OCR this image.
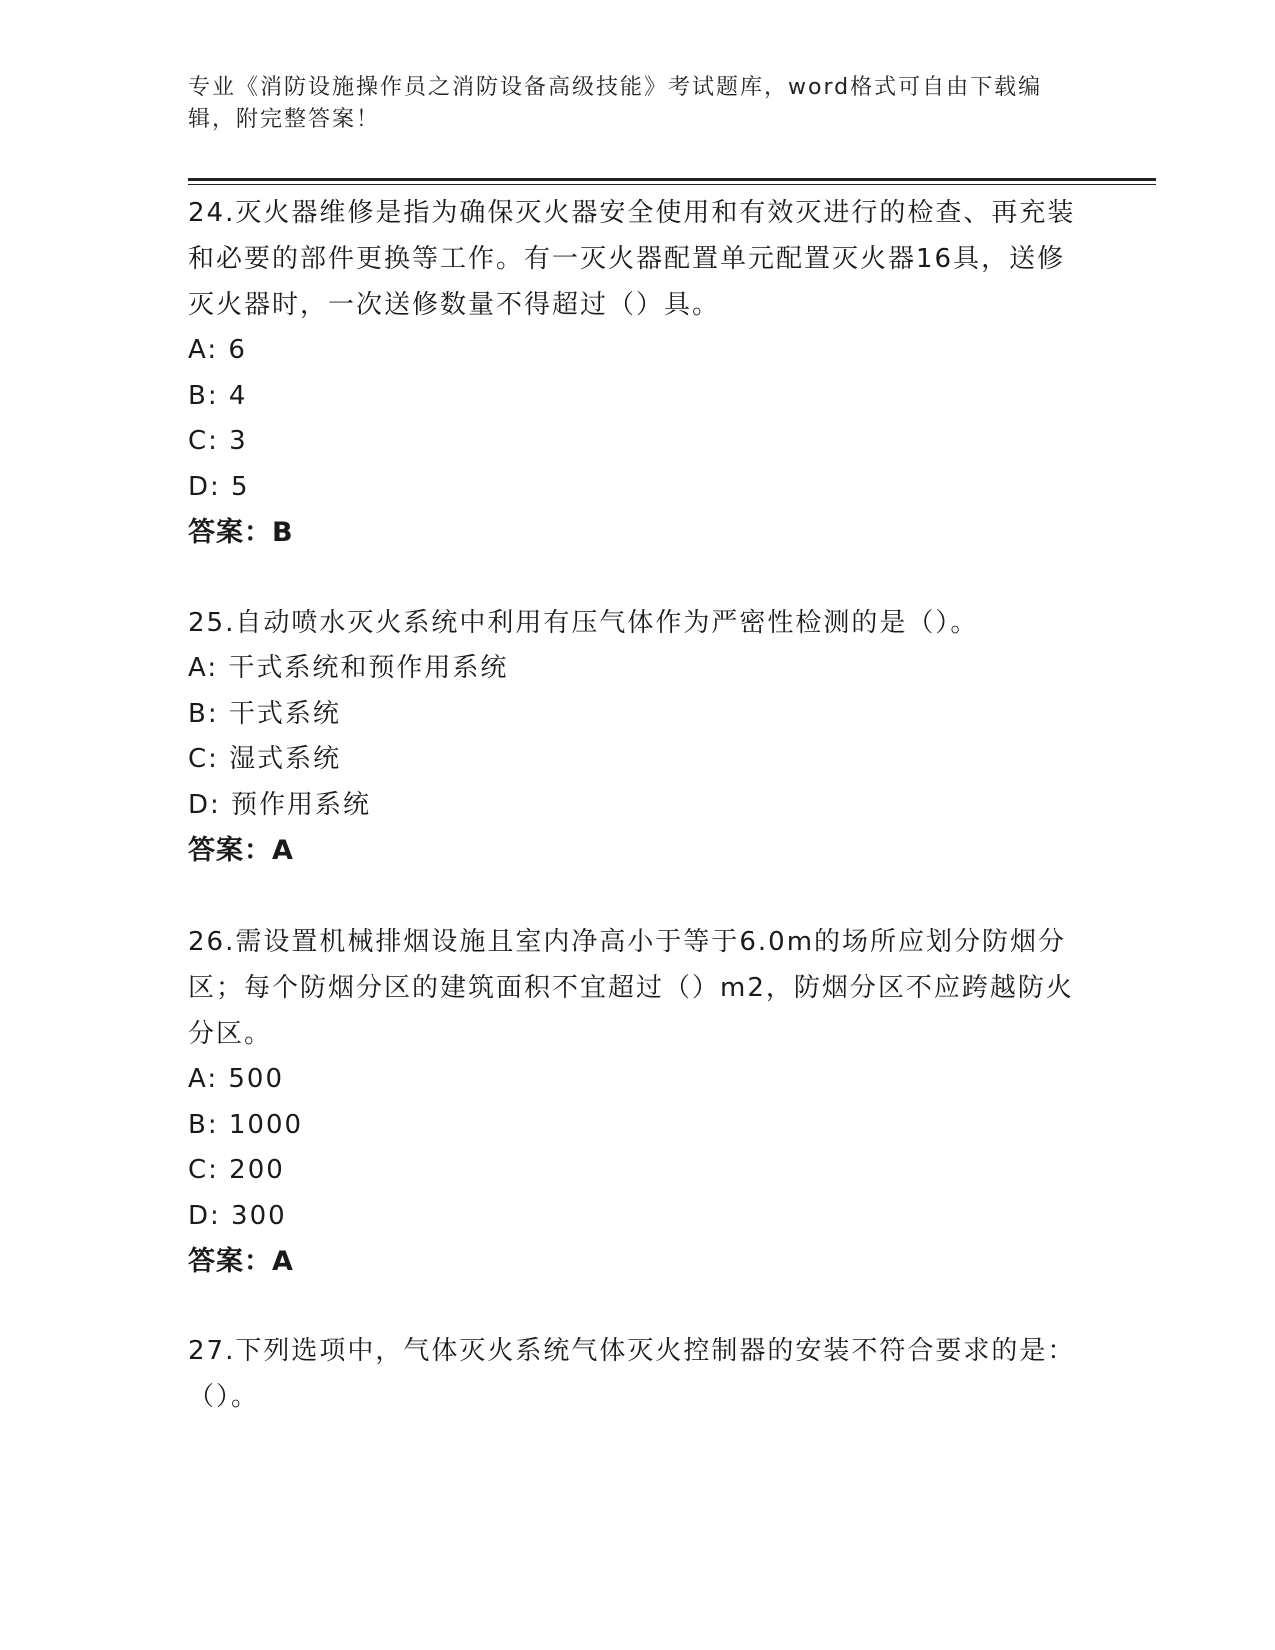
专业《消防设施操作员之消防设备高级技能》考试题库，word格式可自由下载编辑，附完整答案！

24.灭火器维修是指为确保灭火器安全使用和有效灭进行的检查、再充装和必要的部件更换等工作。有一灭火器配置单元配置灭火器16具，送修灭火器时，一次送修数量不得超过（）具。

A: 6

B: 4

C: 3

D: 5

答案：B

25.自动喷水灭火系统中利用有压气体作为严密性检测的是（）。

A: 干式系统和预作用系统

B: 干式系统

C: 湿式系统

D: 预作用系统

答案：A

26.需设置机械排烟设施且室内净高小于等于6.0m的场所应划分防烟分区；每个防烟分区的建筑面积不宜超过（）m2，防烟分区不应跨越防火分区。

A: 500

B: 1000

C: 200

D: 300

答案：A

27.下列选项中，气体灭火系统气体灭火控制器的安装不符合要求的是：（）。
